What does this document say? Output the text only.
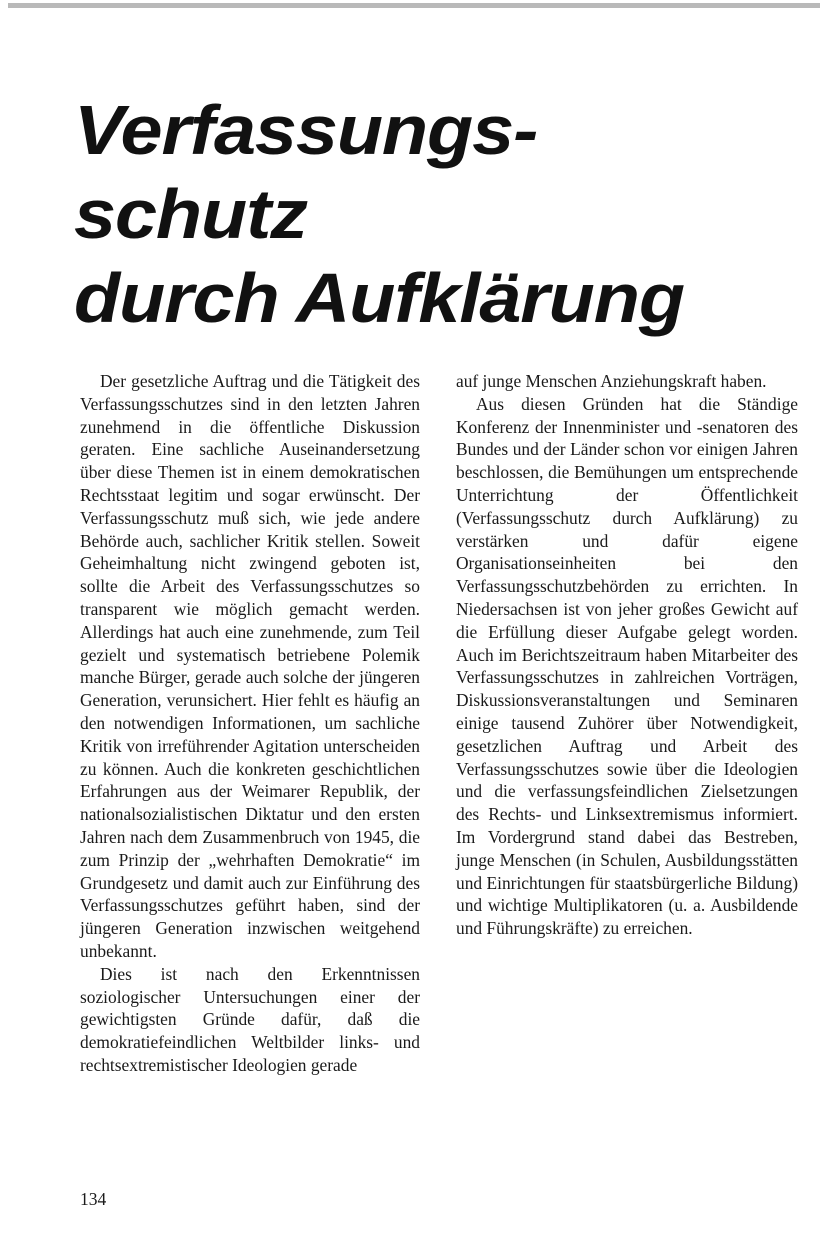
Verfassungs-
schutz
durch Aufklärung

Der gesetzliche Auftrag und die Tätigkeit des Verfassungsschutzes sind in den letzten Jahren zunehmend in die öffentliche Diskussion geraten. Eine sachliche Auseinandersetzung über diese Themen ist in einem demokratischen Rechtsstaat legitim und sogar erwünscht. Der Verfassungsschutz muß sich, wie jede andere Behörde auch, sachlicher Kritik stellen. Soweit Geheimhaltung nicht zwingend geboten ist, sollte die Arbeit des Verfassungsschutzes so transparent wie möglich gemacht werden. Allerdings hat auch eine zunehmende, zum Teil gezielt und systematisch betriebene Polemik manche Bürger, gerade auch solche der jüngeren Generation, verunsichert. Hier fehlt es häufig an den notwendigen Informationen, um sachliche Kritik von irreführender Agitation unterscheiden zu können. Auch die konkreten geschichtlichen Erfahrungen aus der Weimarer Republik, der nationalsozialistischen Diktatur und den ersten Jahren nach dem Zusammenbruch von 1945, die zum Prinzip der „wehrhaften Demokratie“ im Grundgesetz und damit auch zur Einführung des Verfassungsschutzes geführt haben, sind der jüngeren Generation inzwischen weitgehend unbekannt.

Dies ist nach den Erkenntnissen soziologischer Untersuchungen einer der gewichtigsten Gründe dafür, daß die demokratiefeindlichen Weltbilder links- und rechtsextremistischer Ideologien gerade

auf junge Menschen Anziehungskraft haben.

Aus diesen Gründen hat die Ständige Konferenz der Innenminister und -senatoren des Bundes und der Länder schon vor einigen Jahren beschlossen, die Bemühungen um entsprechende Unterrichtung der Öffentlichkeit (Verfassungsschutz durch Aufklärung) zu verstärken und dafür eigene Organisationseinheiten bei den Verfassungsschutzbehörden zu errichten. In Niedersachsen ist von jeher großes Gewicht auf die Erfüllung dieser Aufgabe gelegt worden. Auch im Berichtszeitraum haben Mitarbeiter des Verfassungsschutzes in zahlreichen Vorträgen, Diskussionsveranstaltungen und Seminaren einige tausend Zuhörer über Notwendigkeit, gesetzlichen Auftrag und Arbeit des Verfassungsschutzes sowie über die Ideologien und die verfassungsfeindlichen Zielsetzungen des Rechts- und Linksextremismus informiert. Im Vordergrund stand dabei das Bestreben, junge Menschen (in Schulen, Ausbildungsstätten und Einrichtungen für staatsbürgerliche Bildung) und wichtige Multiplikatoren (u. a. Ausbildende und Führungskräfte) zu erreichen.

134
